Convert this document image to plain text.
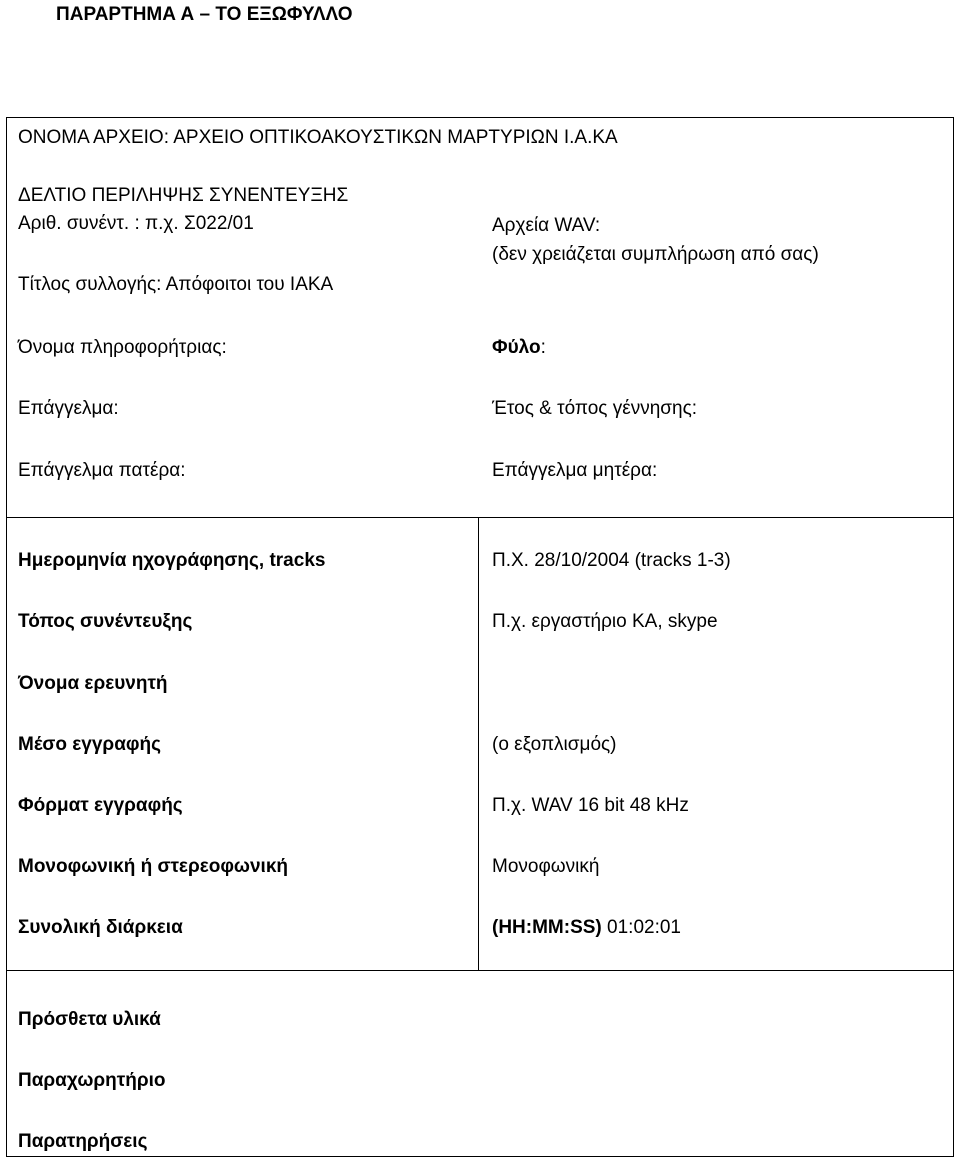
ΠΑΡΑΡΤΗΜΑ Α – ΤΟ ΕΞΩΦΥΛΛΟ
ΟΝΟΜΑ ΑΡΧΕΙΟ: ΑΡΧΕΙΟ ΟΠΤΙΚΟΑΚΟΥΣΤΙΚΩΝ ΜΑΡΤΥΡΙΩΝ Ι.Α.ΚΑ
ΔΕΛΤΙΟ ΠΕΡΙΛΗΨΗΣ ΣΥΝΕΝΤΕΥΞΗΣ
Αριθ. συνέντ. : π.χ. Σ022/01	Αρχεία WAV:
(δεν χρειάζεται συμπλήρωση από σας)
Τίτλος συλλογής: Απόφοιτοι του ΙΑΚΑ
Όνομα πληροφορήτριας:	Φύλο:
Επάγγελμα:	Έτος & τόπος γέννησης:
Επάγγελμα πατέρα:	Επάγγελμα μητέρα:
Ημερομηνία ηχογράφησης, tracks	Π.Χ. 28/10/2004 (tracks 1-3)
Τόπος συνέντευξης	Π.χ. εργαστήριο ΚΑ, skype
Όνομα ερευνητή
Μέσο εγγραφής	(ο εξοπλισμός)
Φόρματ εγγραφής	Π.χ. WAV 16 bit 48 kHz
Μονοφωνική ή στερεοφωνική	Μονοφωνική
Συνολική διάρκεια	(HH:MM:SS) 01:02:01
Πρόσθετα υλικά
Παραχωρητήριο
Παρατηρήσεις
